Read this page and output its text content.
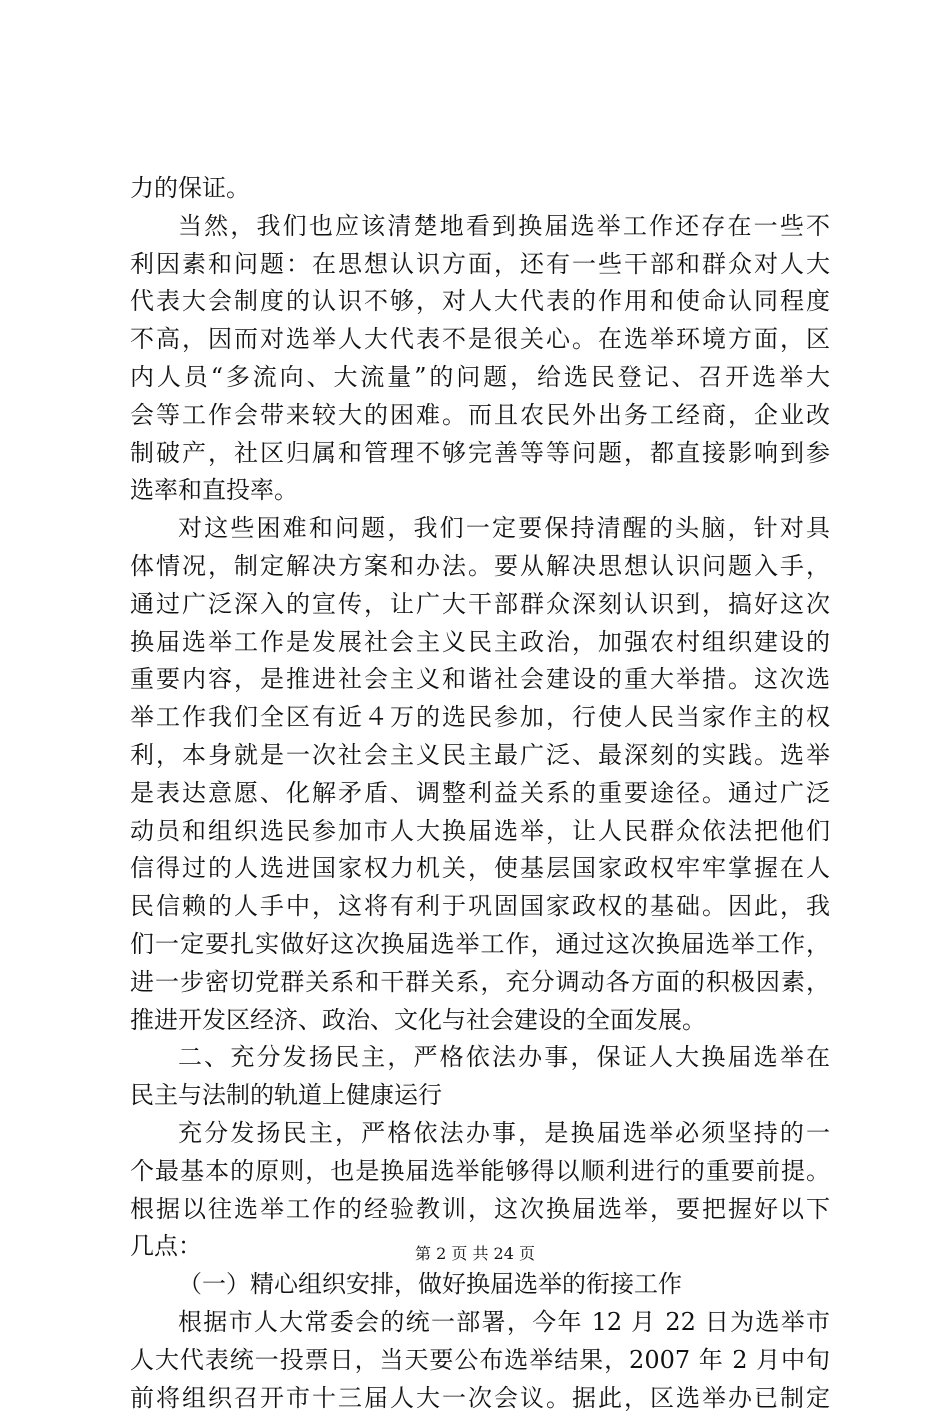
力的保证。
当然，我们也应该清楚地看到换届选举工作还存在一些不
利因素和问题：在思想认识方面，还有一些干部和群众对人大
代表大会制度的认识不够，对人大代表的作用和使命认同程度
不高，因而对选举人大代表不是很关心。在选举环境方面，区
内人员“多流向、大流量”的问题，给选民登记、召开选举大
会等工作会带来较大的困难。而且农民外出务工经商，企业改
制破产，社区归属和管理不够完善等等问题，都直接影响到参
选率和直投率。
对这些困难和问题，我们一定要保持清醒的头脑，针对具
体情况，制定解决方案和办法。要从解决思想认识问题入手，
通过广泛深入的宣传，让广大干部群众深刻认识到，搞好这次
换届选举工作是发展社会主义民主政治，加强农村组织建设的
重要内容，是推进社会主义和谐社会建设的重大举措。这次选
举工作我们全区有近４万的选民参加，行使人民当家作主的权
利，本身就是一次社会主义民主最广泛、最深刻的实践。选举
是表达意愿、化解矛盾、调整利益关系的重要途径。通过广泛
动员和组织选民参加市人大换届选举，让人民群众依法把他们
信得过的人选进国家权力机关，使基层国家政权牢牢掌握在人
民信赖的人手中，这将有利于巩固国家政权的基础。因此，我
们一定要扎实做好这次换届选举工作，通过这次换届选举工作，
进一步密切党群关系和干群关系，充分调动各方面的积极因素，
推进开发区经济、政治、文化与社会建设的全面发展。
二、充分发扬民主，严格依法办事，保证人大换届选举在
民主与法制的轨道上健康运行
充分发扬民主，严格依法办事，是换届选举必须坚持的一
个最基本的原则，也是换届选举能够得以顺利进行的重要前提。
根据以往选举工作的经验教训，这次换届选举，要把握好以下
几点：
（一）精心组织安排，做好换届选举的衔接工作
根据市人大常委会的统一部署，今年 12 月 22 日为选举市
人大代表统一投票日，当天要公布选举结果，2007 年 2 月中旬
前将组织召开市十三届人大一次会议。据此，区选举办已制定
第 2 页 共 24 页
